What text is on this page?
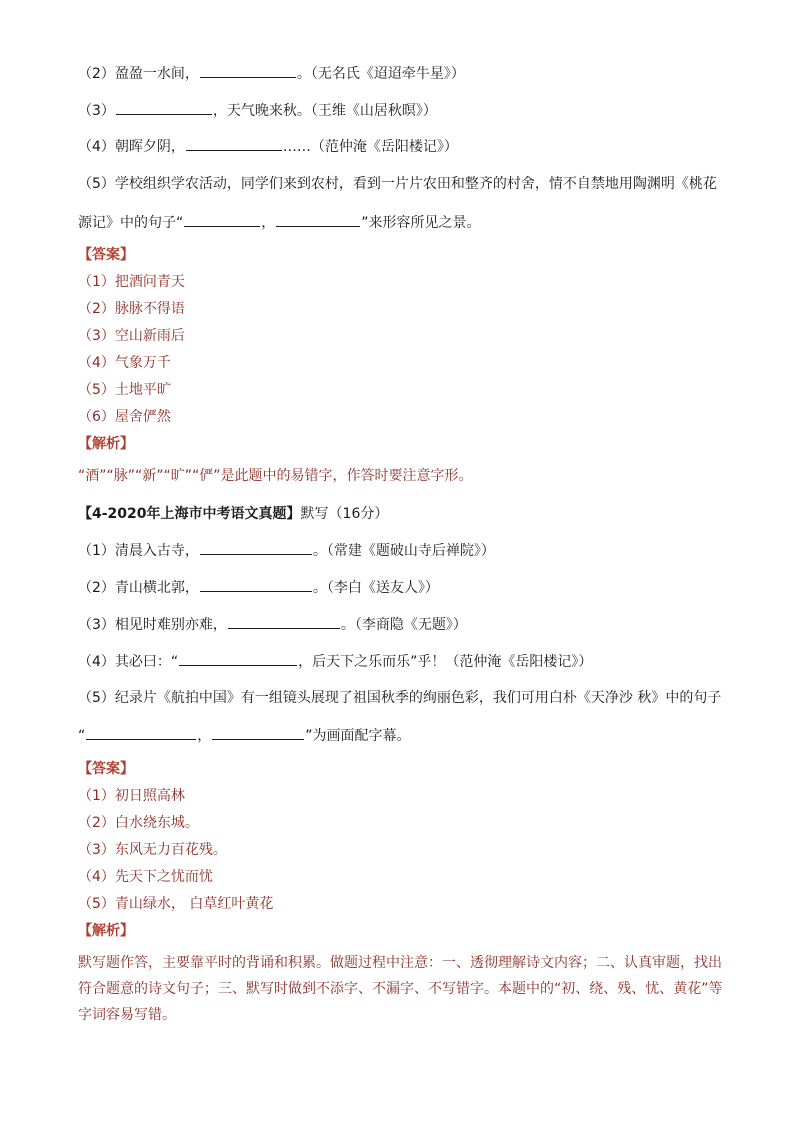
（2）盈盈一水间，	。（无名氏《迢迢牵牛星》）
（3）	，天气晚来秋。（王维《山居秋暝》）
（4）朝晖夕阴，	……（范仲淹《岳阳楼记》）
（5）学校组织学农活动，同学们来到农村，看到一片片农田和整齐的村舍，情不自禁地用陶渊明《桃花
源记》中的句子“	，	”来形容所见之景。
【答案】
（1）把酒问青天
（2）脉脉不得语
（3）空山新雨后
（4）气象万千
（5）土地平旷
（6）屋舍俨然
【解析】
“酒”“脉”“新”“旷”“俨”是此题中的易错字，作答时要注意字形。
【4-2020年上海市中考语文真题】默写（16分）
（1）清晨入古寺，	。（常建《题破山寺后禅院》）
（2）青山横北郭，	。（李白《送友人》）
（3）相见时难别亦难，	。（李商隐《无题》）
（4）其必曰：“	，后天下之乐而乐”乎！（范仲淹《岳阳楼记》）
（5）纪录片《航拍中国》有一组镜头展现了祖国秋季的绚丽色彩，我们可用白朴《天净沙 秋》中的句子
“	，	”为画面配字幕。
【答案】
（1）初日照高林
（2）白水绕东城。
（3）东风无力百花残。
（4）先天下之忧而忧
（5）青山绿水， 白草红叶黄花
【解析】
默写题作答，主要靠平时的背诵和积累。做题过程中注意：一、透彻理解诗文内容；二、认真审题，找出符合题意的诗文句子；三、默写时做到不添字、不漏字、不写错字。本题中的“初、绕、残、忧、黄花”等字词容易写错。
